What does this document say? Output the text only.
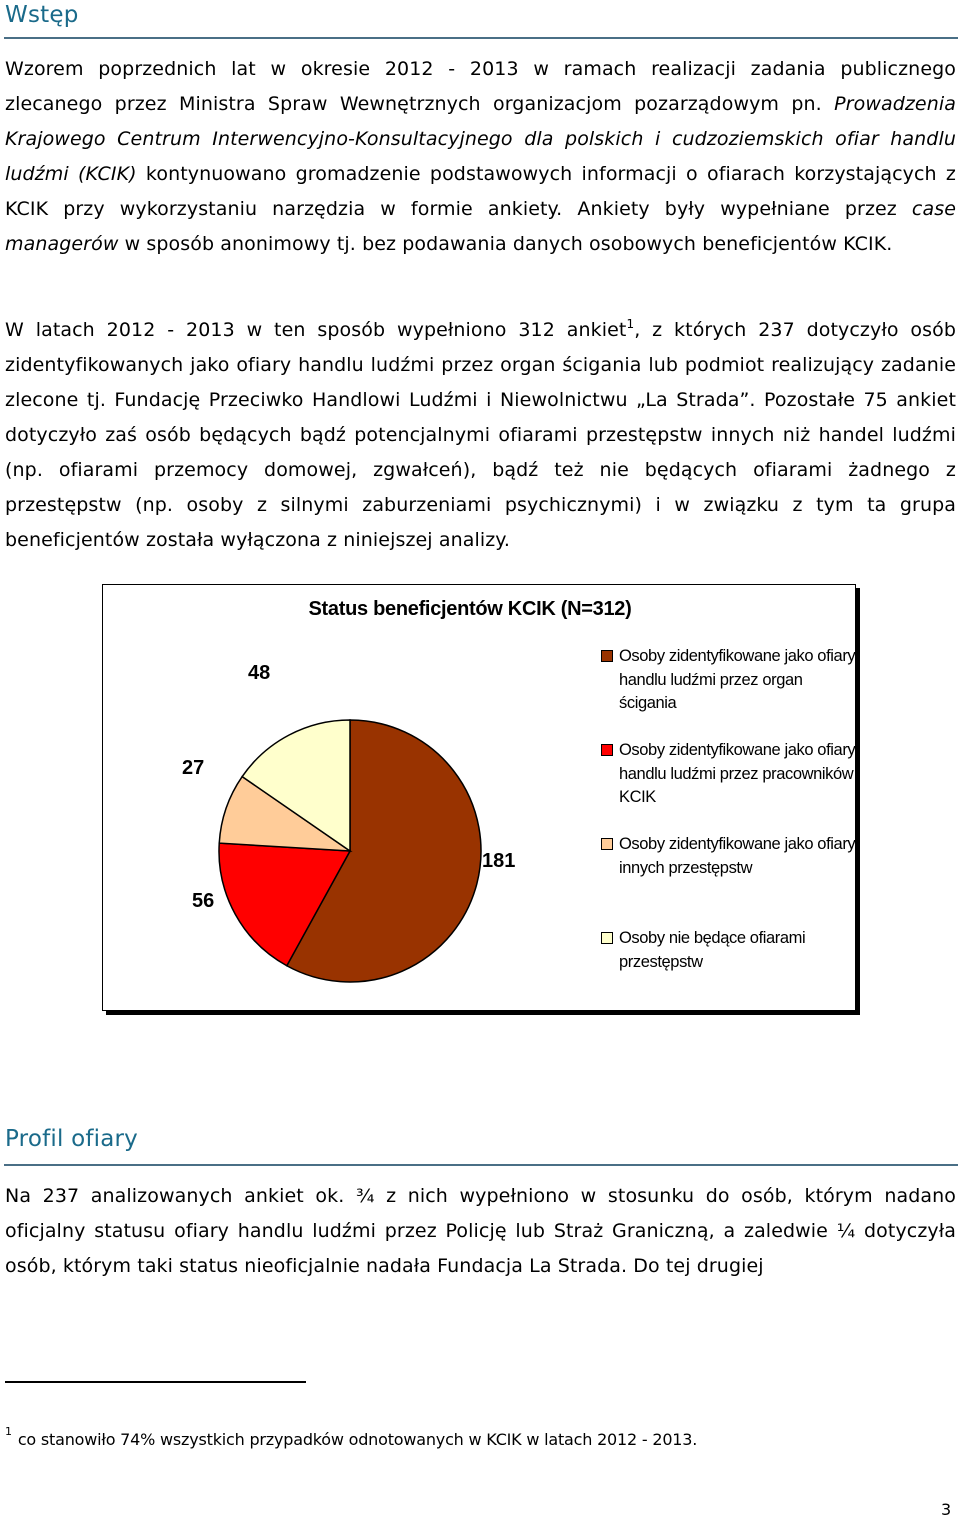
Wstęp
Wzorem poprzednich lat w okresie 2012 - 2013 w ramach realizacji zadania publicznego zlecanego przez Ministra Spraw Wewnętrznych organizacjom pozarządowym pn. Prowadzenia Krajowego Centrum Interwencyjno-Konsultacyjnego dla polskich i cudzoziemskich ofiar handlu ludźmi (KCIK) kontynuowano gromadzenie podstawowych informacji o ofiarach korzystających z KCIK przy wykorzystaniu narzędzia w formie ankiety. Ankiety były wypełniane przez case managerów w sposób anonimowy tj. bez podawania danych osobowych beneficjentów KCIK.
W latach 2012 - 2013 w ten sposób wypełniono 312 ankiet$^1$, z których 237 dotyczyło osób zidentyfikowanych jako ofiary handlu ludźmi przez organ ścigania lub podmiot realizujący zadanie zlecone tj. Fundację Przeciwko Handlowi Ludźmi i Niewolnictwu „La Strada”. Pozostałe 75 ankiet dotyczyło zaś osób będących bądź potencjalnymi ofiarami przestępstw innych niż handel ludźmi (np. ofiarami przemocy domowej, zgwałceń), bądź też nie będących ofiarami żadnego z przestępstw (np. osoby z silnymi zaburzeniami psychicznymi) i w związku z tym ta grupa beneficjentów została wyłączona z niniejszej analizy.
Status beneficjentów KCIK (N=312)
181
56
27
48
Osoby zidentyfikowane jako ofiary handlu ludźmi przez organ ścigania
Osoby zidentyfikowane jako ofiary handlu ludźmi przez pracowników KCIK
Osoby zidentyfikowane jako ofiary innych przestępstw
Osoby nie będące ofiarami przestępstw
Profil ofiary
Na 237 analizowanych ankiet ok. ¾ z nich wypełniono w stosunku do osób, którym nadano oficjalny statusu ofiary handlu ludźmi przez Policję lub Straż Graniczną, a zaledwie ¼ dotyczyła osób, którym taki status nieoficjalnie nadała Fundacja La Strada. Do tej drugiej
$^1$ co stanowiło 74% wszystkich przypadków odnotowanych w KCIK w latach 2012 - 2013.
3
